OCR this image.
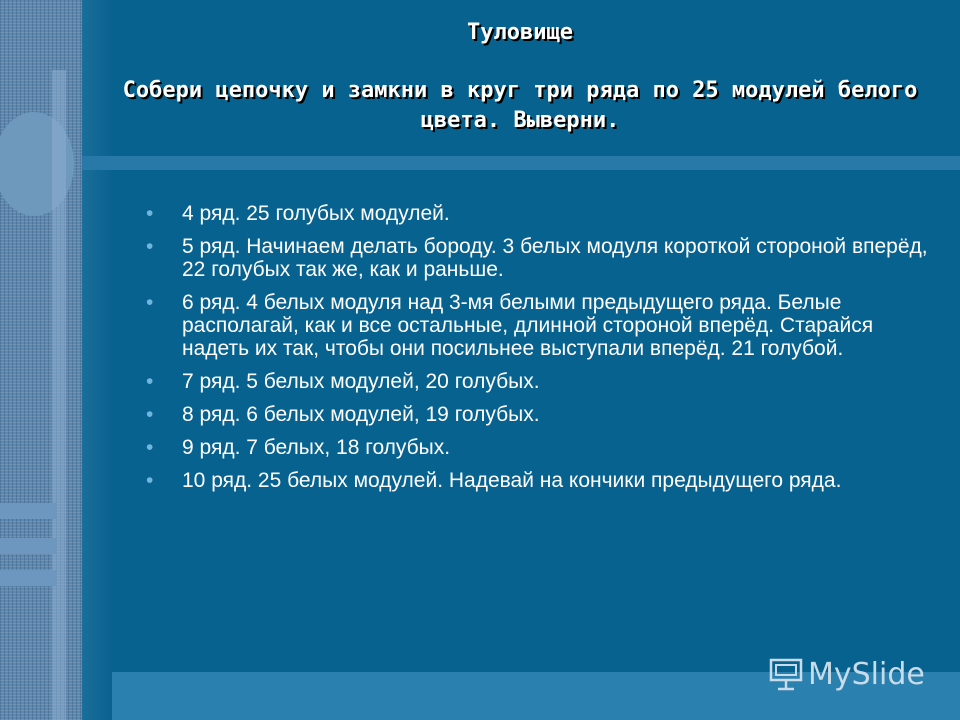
Туловище
Собери цепочку и замкни в круг три ряда по 25 модулей белого цвета. Выверни.
• 4 ряд. 25 голубых модулей.
• 5 ряд. Начинаем делать бороду. 3 белых модуля короткой стороной вперёд, 22 голубых так же, как и раньше.
• 6 ряд. 4 белых модуля над 3-мя белыми предыдущего ряда. Белые располагай, как и все остальные, длинной стороной вперёд. Старайся надеть их так, чтобы они посильнее выступали вперёд. 21 голубой.
• 7 ряд. 5 белых модулей, 20 голубых.
• 8 ряд. 6 белых модулей, 19 голубых.
• 9 ряд. 7 белых, 18 голубых.
• 10 ряд. 25 белых модулей. Надевай на кончики предыдущего ряда.
MySlide
